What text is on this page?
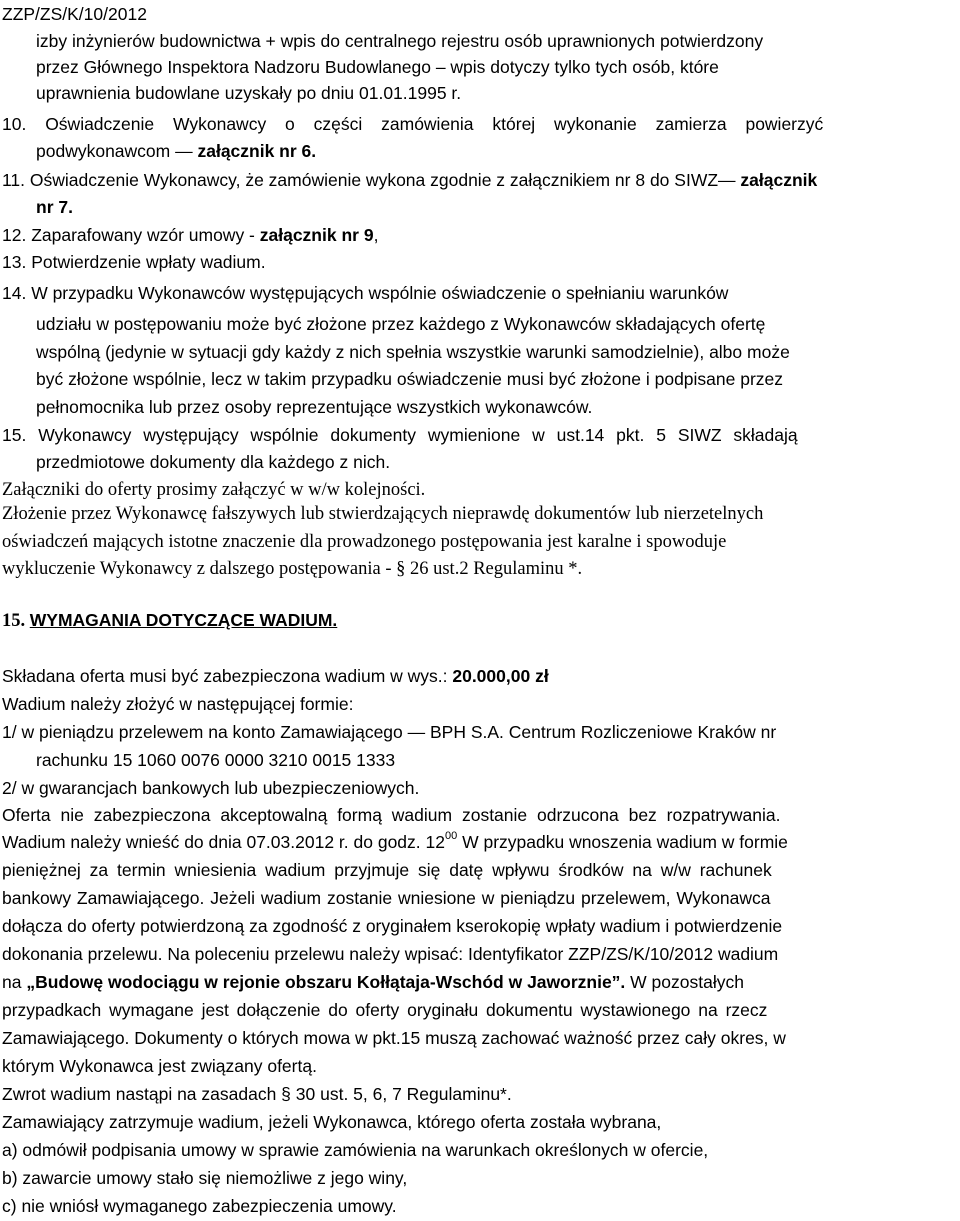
ZZP/ZS/K/10/2012
izby inżynierów budownictwa + wpis do centralnego rejestru osób uprawnionych potwierdzony
przez Głównego Inspektora Nadzoru Budowlanego – wpis dotyczy tylko tych osób, które
uprawnienia budowlane uzyskały po dniu 01.01.1995 r.
10. Oświadczenie Wykonawcy o części zamówienia której wykonanie zamierza powierzyć
podwykonawcom — załącznik nr 6.
11. Oświadczenie Wykonawcy, że zamówienie wykona zgodnie z załącznikiem nr 8 do SIWZ— załącznik
nr 7.
12. Zaparafowany wzór umowy - załącznik nr 9,
13. Potwierdzenie wpłaty wadium.
14. W przypadku Wykonawców występujących wspólnie oświadczenie o spełnianiu warunków
udziału w postępowaniu może być złożone przez każdego z Wykonawców składających ofertę
wspólną (jedynie w sytuacji gdy każdy z nich spełnia wszystkie warunki samodzielnie), albo może
być złożone wspólnie, lecz w takim przypadku oświadczenie musi być złożone i podpisane przez
pełnomocnika lub przez osoby reprezentujące wszystkich wykonawców.
15. Wykonawcy występujący wspólnie dokumenty wymienione w ust.14 pkt. 5 SIWZ składają
przedmiotowe dokumenty dla każdego z nich.
Załączniki do oferty prosimy załączyć w w/w kolejności.
Złożenie przez Wykonawcę fałszywych lub stwierdzających nieprawdę dokumentów lub nierzetelnych
oświadczeń mających istotne znaczenie dla prowadzonego postępowania jest karalne i spowoduje
wykluczenie Wykonawcy z dalszego postępowania - § 26 ust.2 Regulaminu *.
15. WYMAGANIA DOTYCZĄCE WADIUM.
Składana oferta musi być zabezpieczona wadium w wys.: 20.000,00 zł
Wadium należy złożyć w następującej formie:
1/ w pieniądzu przelewem na konto Zamawiającego — BPH S.A. Centrum Rozliczeniowe Kraków nr
rachunku 15 1060 0076 0000 3210 0015 1333
2/ w gwarancjach bankowych lub ubezpieczeniowych.
Oferta nie zabezpieczona akceptowalną formą wadium zostanie odrzucona bez rozpatrywania.
Wadium należy wnieść do dnia 07.03.2012 r. do godz. $12^{00}$ W przypadku wnoszenia wadium w formie
pieniężnej za termin wniesienia wadium przyjmuje się datę wpływu środków na w/w rachunek
bankowy Zamawiającego. Jeżeli wadium zostanie wniesione w pieniądzu przelewem, Wykonawca
dołącza do oferty potwierdzoną za zgodność z oryginałem kserokopię wpłaty wadium i potwierdzenie
dokonania przelewu. Na poleceniu przelewu należy wpisać: Identyfikator ZZP/ZS/K/10/2012 wadium
na „Budowę wodociągu w rejonie obszaru Kołłątaja-Wschód w Jaworznie”. W pozostałych
przypadkach wymagane jest dołączenie do oferty oryginału dokumentu wystawionego na rzecz
Zamawiającego. Dokumenty o których mowa w pkt.15 muszą zachować ważność przez cały okres, w
którym Wykonawca jest związany ofertą.
Zwrot wadium nastąpi na zasadach § 30 ust. 5, 6, 7 Regulaminu*.
Zamawiający zatrzymuje wadium, jeżeli Wykonawca, którego oferta została wybrana,
a) odmówił podpisania umowy w sprawie zamówienia na warunkach określonych w ofercie,
b) zawarcie umowy stało się niemożliwe z jego winy,
c) nie wniósł wymaganego zabezpieczenia umowy.
